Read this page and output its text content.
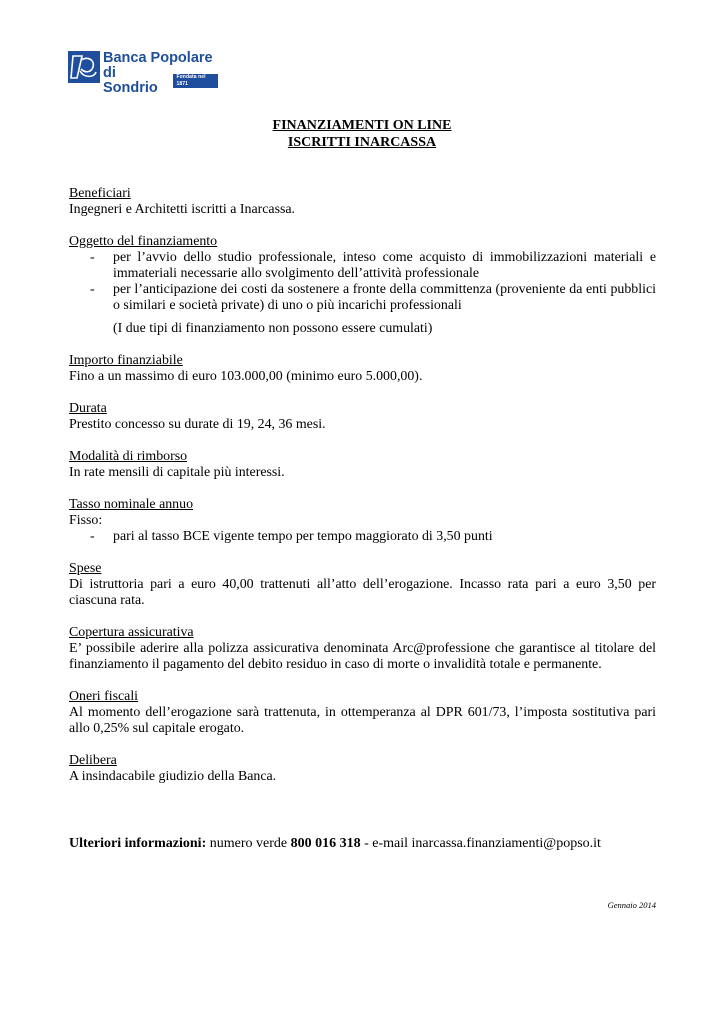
Banca Popolare
di Sondrio
Fondata nel 1871
FINANZIAMENTI ON LINE
ISCRITTI INARCASSA
Beneficiari
Ingegneri e Architetti iscritti a Inarcassa.
Oggetto del finanziamento
- per l’avvio dello studio professionale, inteso come acquisto di immobilizzazioni materiali e immateriali necessarie allo svolgimento dell’attività professionale
- per l’anticipazione dei costi da sostenere a fronte della committenza (proveniente da enti pubblici o similari e società private) di uno o più incarichi professionali
(I due tipi di finanziamento non possono essere cumulati)
Importo finanziabile
Fino a un massimo di euro 103.000,00 (minimo euro 5.000,00).
Durata
Prestito concesso su durate di 19, 24, 36 mesi.
Modalità di rimborso
In rate mensili di capitale più interessi.
Tasso nominale annuo
Fisso:
- pari al tasso BCE vigente tempo per tempo maggiorato di 3,50 punti
Spese
Di istruttoria pari a euro 40,00 trattenuti all’atto dell’erogazione. Incasso rata pari a euro 3,50 per ciascuna rata.
Copertura assicurativa
E’ possibile aderire alla polizza assicurativa denominata Arc@professione che garantisce al titolare del finanziamento il pagamento del debito residuo in caso di morte o invalidità totale e permanente.
Oneri fiscali
Al momento dell’erogazione sarà trattenuta, in ottemperanza al DPR 601/73, l’imposta sostitutiva pari allo 0,25% sul capitale erogato.
Delibera
A insindacabile giudizio della Banca.
Ulteriori informazioni: numero verde 800 016 318 - e-mail inarcassa.finanziamenti@popso.it
Gennaio 2014
